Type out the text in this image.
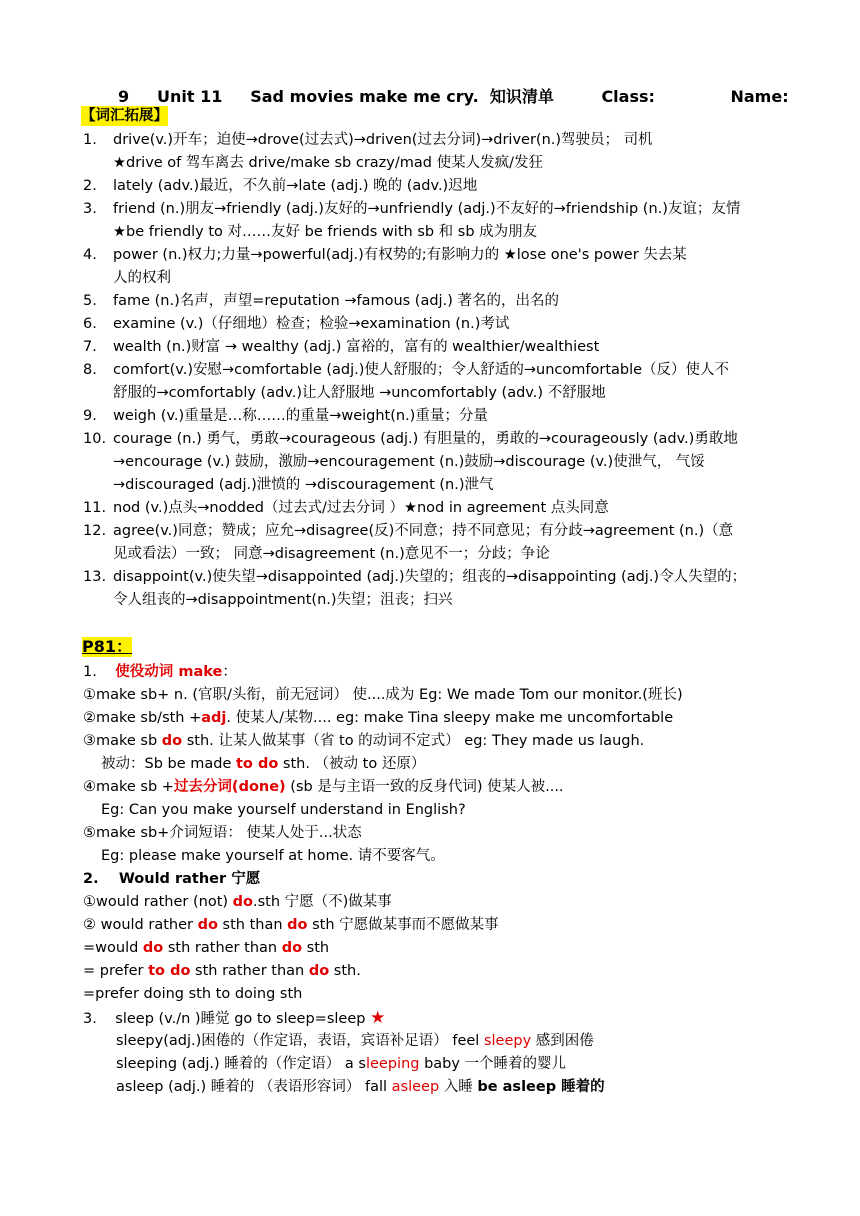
9 Unit 11 Sad movies make me cry. 知识清单	Class:	Name:
【词汇拓展】
1. drive(v.)开车；迫使→drove(过去式)→driven(过去分词)→driver(n.)驾驶员； 司机
★drive of 驾车离去 drive/make sb crazy/mad 使某人发疯/发狂
2. lately (adv.)最近，不久前→late (adj.) 晚的 (adv.)迟地
3. friend (n.)朋友→friendly (adj.)友好的→unfriendly (adj.)不友好的→friendship (n.)友谊；友情
★be friendly to 对……友好 be friends with sb 和 sb 成为朋友
4. power (n.)权力;力量→powerful(adj.)有权势的;有影响力的 ★lose one's power 失去某
人的权利
5. fame (n.)名声，声望=reputation →famous (adj.) 著名的，出名的
6. examine (v.)（仔细地）检查；检验→examination (n.)考试
7. wealth (n.)财富 → wealthy (adj.) 富裕的，富有的 wealthier/wealthiest
8. comfort(v.)安慰→comfortable (adj.)使人舒服的；令人舒适的→uncomfortable（反）使人不
舒服的→comfortably (adv.)让人舒服地 →uncomfortably (adv.) 不舒服地
9. weigh (v.)重量是…称……的重量→weight(n.)重量；分量
10. courage (n.) 勇气，勇敢→courageous (adj.) 有胆量的，勇敢的→courageously (adv.)勇敢地
→encourage (v.) 鼓励，激励→encouragement (n.)鼓励→discourage (v.)使泄气， 气馁
→discouraged (adj.)泄愤的 →discouragement (n.)泄气
11. nod (v.)点头→nodded（过去式/过去分词 ）★nod in agreement 点头同意
12. agree(v.)同意；赞成；应允→disagree(反)不同意；持不同意见；有分歧→agreement (n.)（意
见或看法）一致； 同意→disagreement (n.)意见不一；分歧；争论
13. disappoint(v.)使失望→disappointed (adj.)失望的；组丧的→disappointing (adj.)令人失望的；
令人组丧的→disappointment(n.)失望；沮丧；扫兴
P81：
1. 使役动词 make：
①make sb+ n. (官职/头衔，前无冠词） 使....成为 Eg: We made Tom our monitor.(班长)
②make sb/sth +adj. 使某人/某物.... eg: make Tina sleepy make me uncomfortable
③make sb do sth. 让某人做某事（省 to 的动词不定式） eg: They made us laugh.
被动：Sb be made to do sth. （被动 to 还原）
④make sb +过去分词(done) (sb 是与主语一致的反身代词) 使某人被....
Eg: Can you make yourself understand in English?
⑤make sb+介词短语： 使某人处于...状态
Eg: please make yourself at home. 请不要客气。
2. Would rather 宁愿
①would rather (not) do.sth 宁愿（不)做某事
② would rather do sth than do sth 宁愿做某事而不愿做某事
=would do sth rather than do sth
= prefer to do sth rather than do sth.
=prefer doing sth to doing sth
3. sleep (v./n )睡觉 go to sleep=sleep ★
sleepy(adj.)困倦的（作定语，表语，宾语补足语） feel sleepy 感到困倦
sleeping (adj.) 睡着的（作定语） a sleeping baby 一个睡着的婴儿
asleep (adj.) 睡着的 （表语形容词） fall asleep 入睡 be asleep 睡着的
